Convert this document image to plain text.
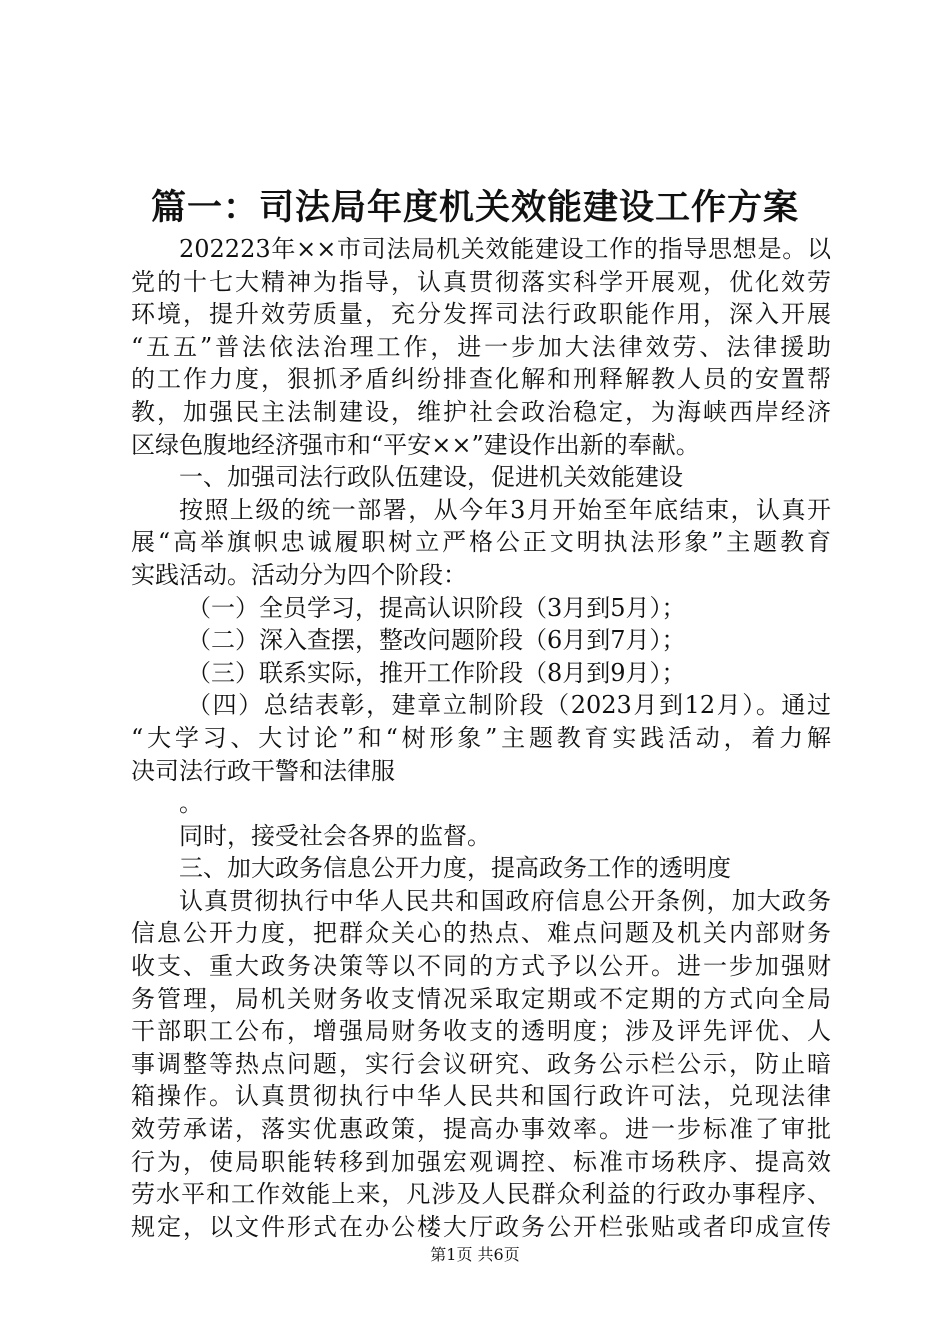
篇一：司法局年度机关效能建设工作方案
202223年××市司法局机关效能建设工作的指导思想是。以
党的十七大精神为指导，认真贯彻落实科学开展观，优化效劳
环境，提升效劳质量，充分发挥司法行政职能作用，深入开展
“五五”普法依法治理工作，进一步加大法律效劳、法律援助
的工作力度，狠抓矛盾纠纷排查化解和刑释解教人员的安置帮
教，加强民主法制建设，维护社会政治稳定，为海峡西岸经济
区绿色腹地经济强市和“平安××”建设作出新的奉献。
一、加强司法行政队伍建设，促进机关效能建设
按照上级的统一部署，从今年3月开始至年底结束，认真开
展“高举旗帜忠诚履职树立严格公正文明执法形象”主题教育
实践活动。活动分为四个阶段：
（一）全员学习，提高认识阶段（3月到5月）；
（二）深入查摆，整改问题阶段（6月到7月）；
（三）联系实际，推开工作阶段（8月到9月）；
（四）总结表彰，建章立制阶段（2023月到12月）。通过
“大学习、大讨论”和“树形象”主题教育实践活动，着力解
决司法行政干警和法律服
。
同时，接受社会各界的监督。
三、加大政务信息公开力度，提高政务工作的透明度
认真贯彻执行中华人民共和国政府信息公开条例，加大政务
信息公开力度，把群众关心的热点、难点问题及机关内部财务
收支、重大政务决策等以不同的方式予以公开。进一步加强财
务管理，局机关财务收支情况采取定期或不定期的方式向全局
干部职工公布，增强局财务收支的透明度；涉及评先评优、人
事调整等热点问题，实行会议研究、政务公示栏公示，防止暗
箱操作。认真贯彻执行中华人民共和国行政许可法，兑现法律
效劳承诺，落实优惠政策，提高办事效率。进一步标准了审批
行为，使局职能转移到加强宏观调控、标准市场秩序、提高效
劳水平和工作效能上来，凡涉及人民群众利益的行政办事程序、
规定，以文件形式在办公楼大厅政务公开栏张贴或者印成宣传
第1页 共6页
